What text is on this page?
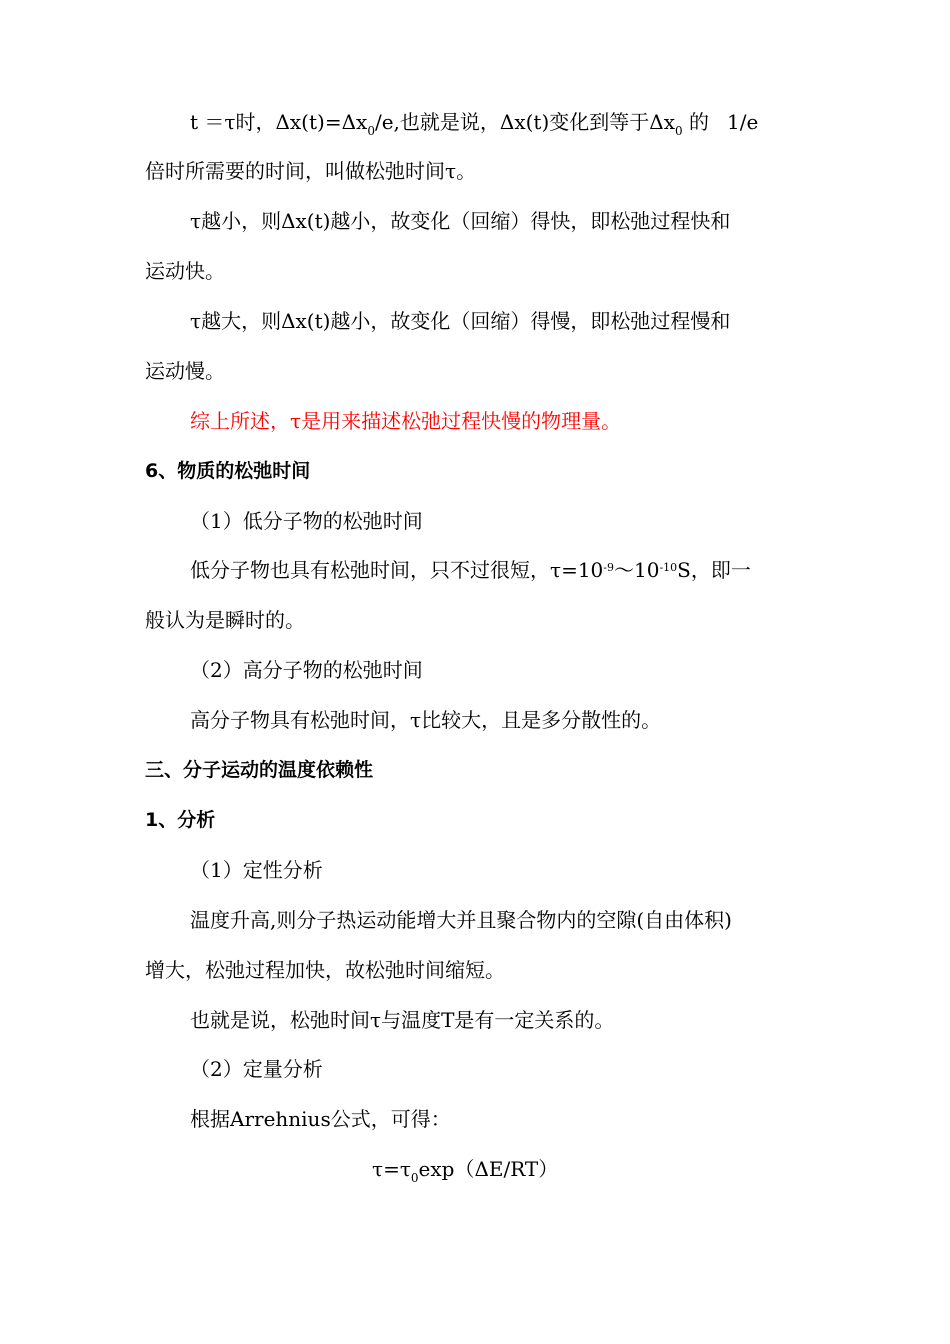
t ＝τ时，$\Delta x(t)=\Delta x_0/e$,也就是说，Δx(t)变化到等于$\Delta x_0$ 的 1/e
倍时所需要的时间，叫做松弛时间τ。
τ越小，则Δx(t)越小，故变化（回缩）得快，即松弛过程快和
运动快。
τ越大，则Δx(t)越小，故变化（回缩）得慢，即松弛过程慢和
运动慢。
综上所述，τ是用来描述松弛过程快慢的物理量。
6、物质的松弛时间
（1）低分子物的松弛时间
低分子物也具有松弛时间，只不过很短，$\tau=10^{-9}\sim 10^{-10}S$，即一
般认为是瞬时的。
（2）高分子物的松弛时间
高分子物具有松弛时间，τ比较大，且是多分散性的。
三、分子运动的温度依赖性
1、分析
（1）定性分析
温度升高,则分子热运动能增大并且聚合物内的空隙(自由体积)
增大，松弛过程加快，故松弛时间缩短。
也就是说，松弛时间τ与温度T是有一定关系的。
（2）定量分析
根据Arrehnius公式，可得：
$\tau=\tau_0\exp(\Delta E/RT)$
